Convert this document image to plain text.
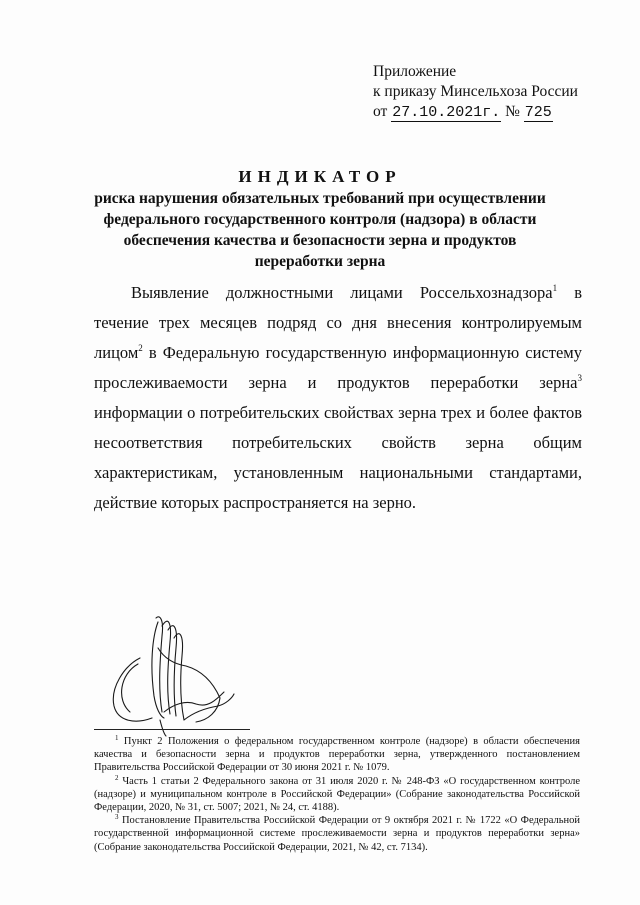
Приложение
к приказу Минсельхоза России
от 27.10.2021г. № 725
ИНДИКАТОР
риска нарушения обязательных требований при осуществлении
федерального государственного контроля (надзора) в области
обеспечения качества и безопасности зерна и продуктов
переработки зерна
Выявление должностными лицами Россельхознадзора$^1$ в течение трех месяцев подряд со дня внесения контролируемым лицом$^2$ в Федеральную государственную информационную систему прослеживаемости зерна и продуктов переработки зерна$^3$ информации о потребительских свойствах зерна трех и более фактов несоответствия потребительских свойств зерна общим характеристикам, установленным национальными стандартами, действие которых распространяется на зерно.
$^1$ Пункт 2 Положения о федеральном государственном контроле (надзоре) в области обеспечения качества и безопасности зерна и продуктов переработки зерна, утвержденного постановлением Правительства Российской Федерации от 30 июня 2021 г. № 1079.
$^2$ Часть 1 статьи 2 Федерального закона от 31 июля 2020 г. № 248-ФЗ «О государственном контроле (надзоре) и муниципальном контроле в Российской Федерации» (Собрание законодательства Российской Федерации, 2020, № 31, ст. 5007; 2021, № 24, ст. 4188).
$^3$ Постановление Правительства Российской Федерации от 9 октября 2021 г. № 1722 «О Федеральной государственной информационной системе прослеживаемости зерна и продуктов переработки зерна» (Собрание законодательства Российской Федерации, 2021, № 42, ст. 7134).
